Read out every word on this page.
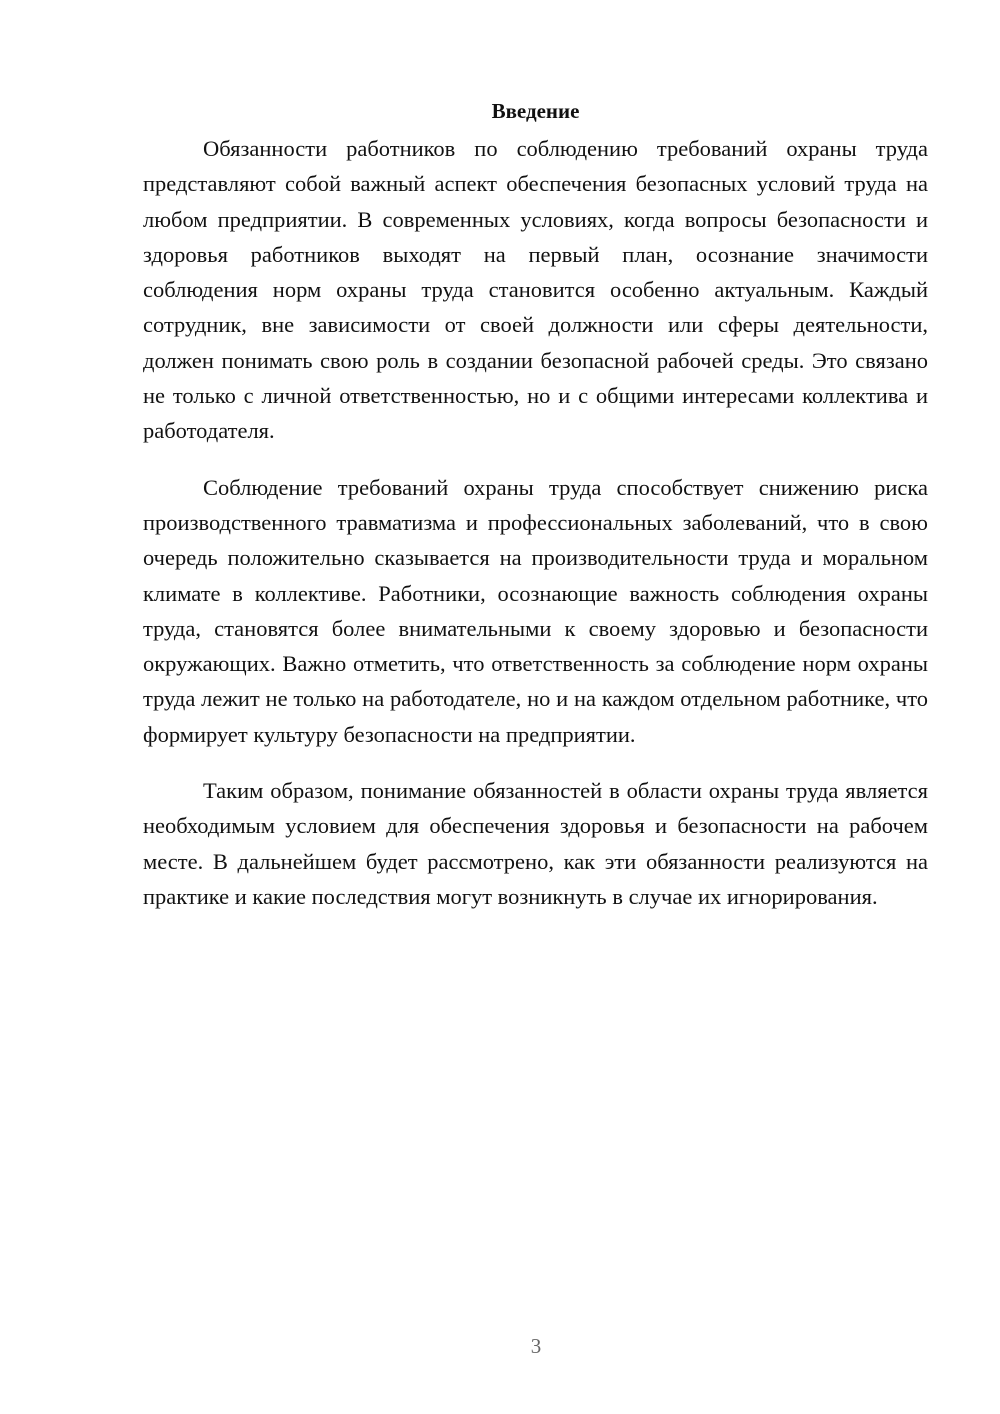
Введение

Обязанности работников по соблюдению требований охраны труда представляют собой важный аспект обеспечения безопасных условий труда на любом предприятии. В современных условиях, когда вопросы безопасности и здоровья работников выходят на первый план, осознание значимости соблюдения норм охраны труда становится особенно актуальным. Каждый сотрудник, вне зависимости от своей должности или сферы деятельности, должен понимать свою роль в создании безопасной рабочей среды. Это связано не только с личной ответственностью, но и с общими интересами коллектива и работодателя.

Соблюдение требований охраны труда способствует снижению риска производственного травматизма и профессиональных заболеваний, что в свою очередь положительно сказывается на производительности труда и моральном климате в коллективе. Работники, осознающие важность соблюдения охраны труда, становятся более внимательными к своему здоровью и безопасности окружающих. Важно отметить, что ответственность за соблюдение норм охраны труда лежит не только на работодателе, но и на каждом отдельном работнике, что формирует культуру безопасности на предприятии.

Таким образом, понимание обязанностей в области охраны труда является необходимым условием для обеспечения здоровья и безопасности на рабочем месте. В дальнейшем будет рассмотрено, как эти обязанности реализуются на практике и какие последствия могут возникнуть в случае их игнорирования.

3
